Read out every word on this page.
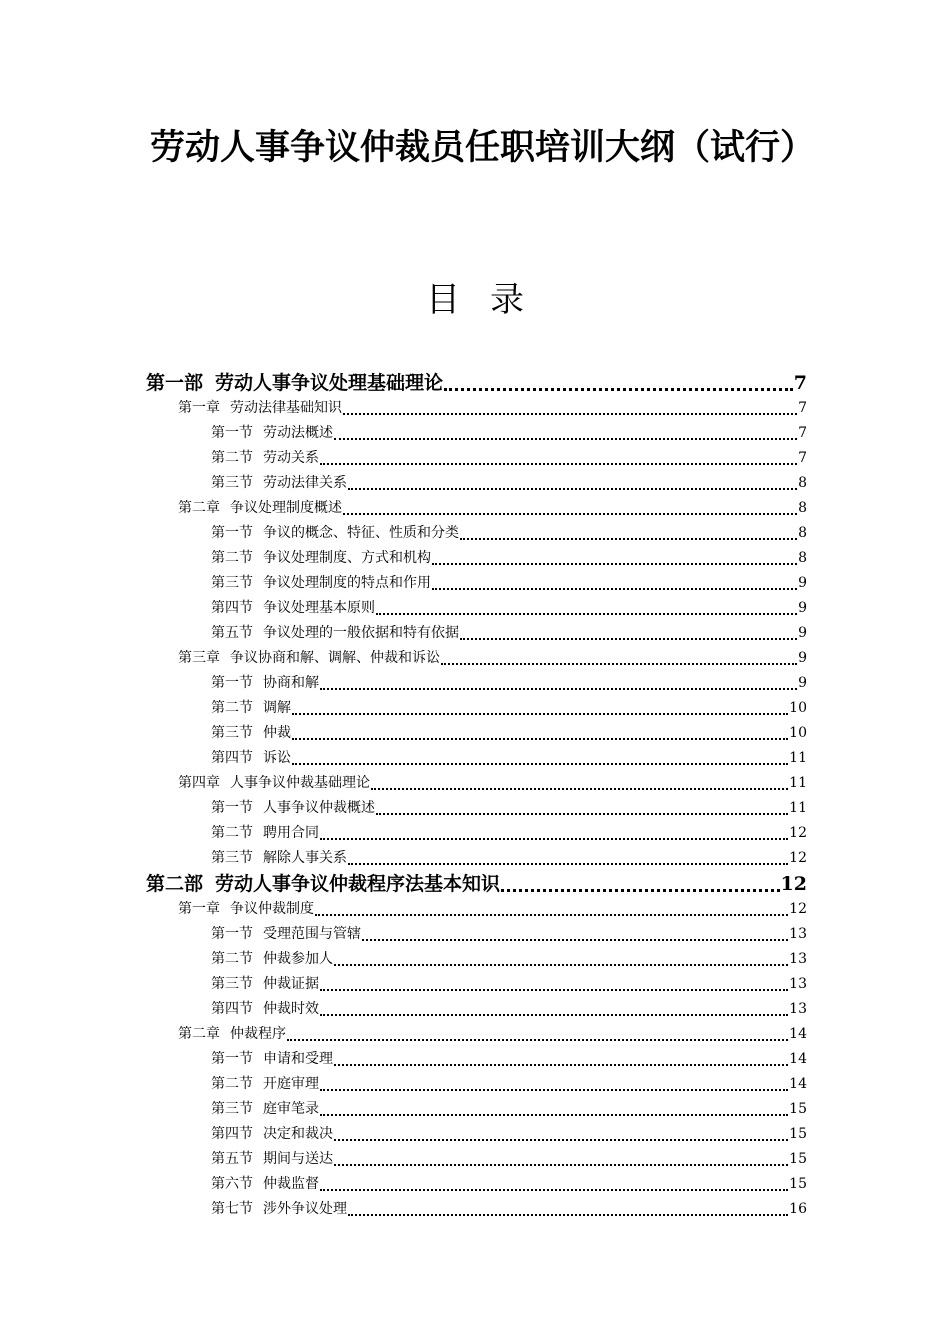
劳动人事争议仲裁员任职培训大纲（试行）
目录
第一部 劳动人事争议处理基础理论	7
第一章 劳动法律基础知识	7
第一节 劳动法概述	7
第二节 劳动关系	7
第三节 劳动法律关系	8
第二章 争议处理制度概述	8
第一节 争议的概念、特征、性质和分类	8
第二节 争议处理制度、方式和机构	8
第三节 争议处理制度的特点和作用	9
第四节 争议处理基本原则	9
第五节 争议处理的一般依据和特有依据	9
第三章 争议协商和解、调解、仲裁和诉讼	9
第一节 协商和解	9
第二节 调解	10
第三节 仲裁	10
第四节 诉讼	11
第四章 人事争议仲裁基础理论	11
第一节 人事争议仲裁概述	11
第二节 聘用合同	12
第三节 解除人事关系	12
第二部 劳动人事争议仲裁程序法基本知识	12
第一章 争议仲裁制度	12
第一节 受理范围与管辖	13
第二节 仲裁参加人	13
第三节 仲裁证据	13
第四节 仲裁时效	13
第二章 仲裁程序	14
第一节 申请和受理	14
第二节 开庭审理	14
第三节 庭审笔录	15
第四节 决定和裁决	15
第五节 期间与送达	15
第六节 仲裁监督	15
第七节 涉外争议处理	16
